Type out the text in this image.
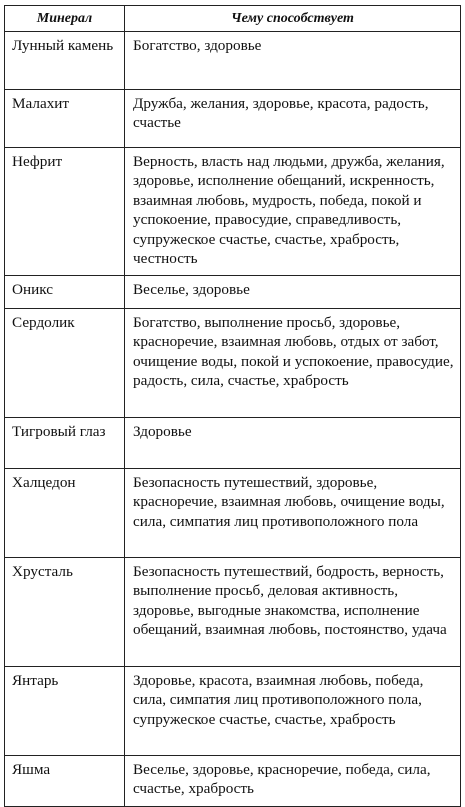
Минерал	Чему способствует
Лунный камень	Богатство, здоровье
Малахит	Дружба, желания, здоровье, красота, радость, счастье
Нефрит	Верность, власть над людьми, дружба, желания, здоровье, исполнение обещаний, искренность, взаимная любовь, мудрость, победа, покой и успокоение, правосудие, справедливость, супружеское счастье, счастье, храбрость, честность
Оникс	Веселье, здоровье
Сердолик	Богатство, выполнение просьб, здоровье, красноречие, взаимная любовь, отдых от забот, очищение воды, покой и успокоение, правосудие, радость, сила, счастье, храбрость
Тигровый глаз	Здоровье
Халцедон	Безопасность путешествий, здоровье, красноречие, взаимная любовь, очищение воды, сила, симпатия лиц противоположного пола
Хрусталь	Безопасность путешествий, бодрость, верность, выполнение просьб, деловая активность, здоровье, выгодные знакомства, исполнение обещаний, взаимная любовь, постоянство, удача
Янтарь	Здоровье, красота, взаимная любовь, победа, сила, симпатия лиц противоположного пола, супружеское счастье, счастье, храбрость
Яшма	Веселье, здоровье, красноречие, победа, сила, счастье, храбрость
